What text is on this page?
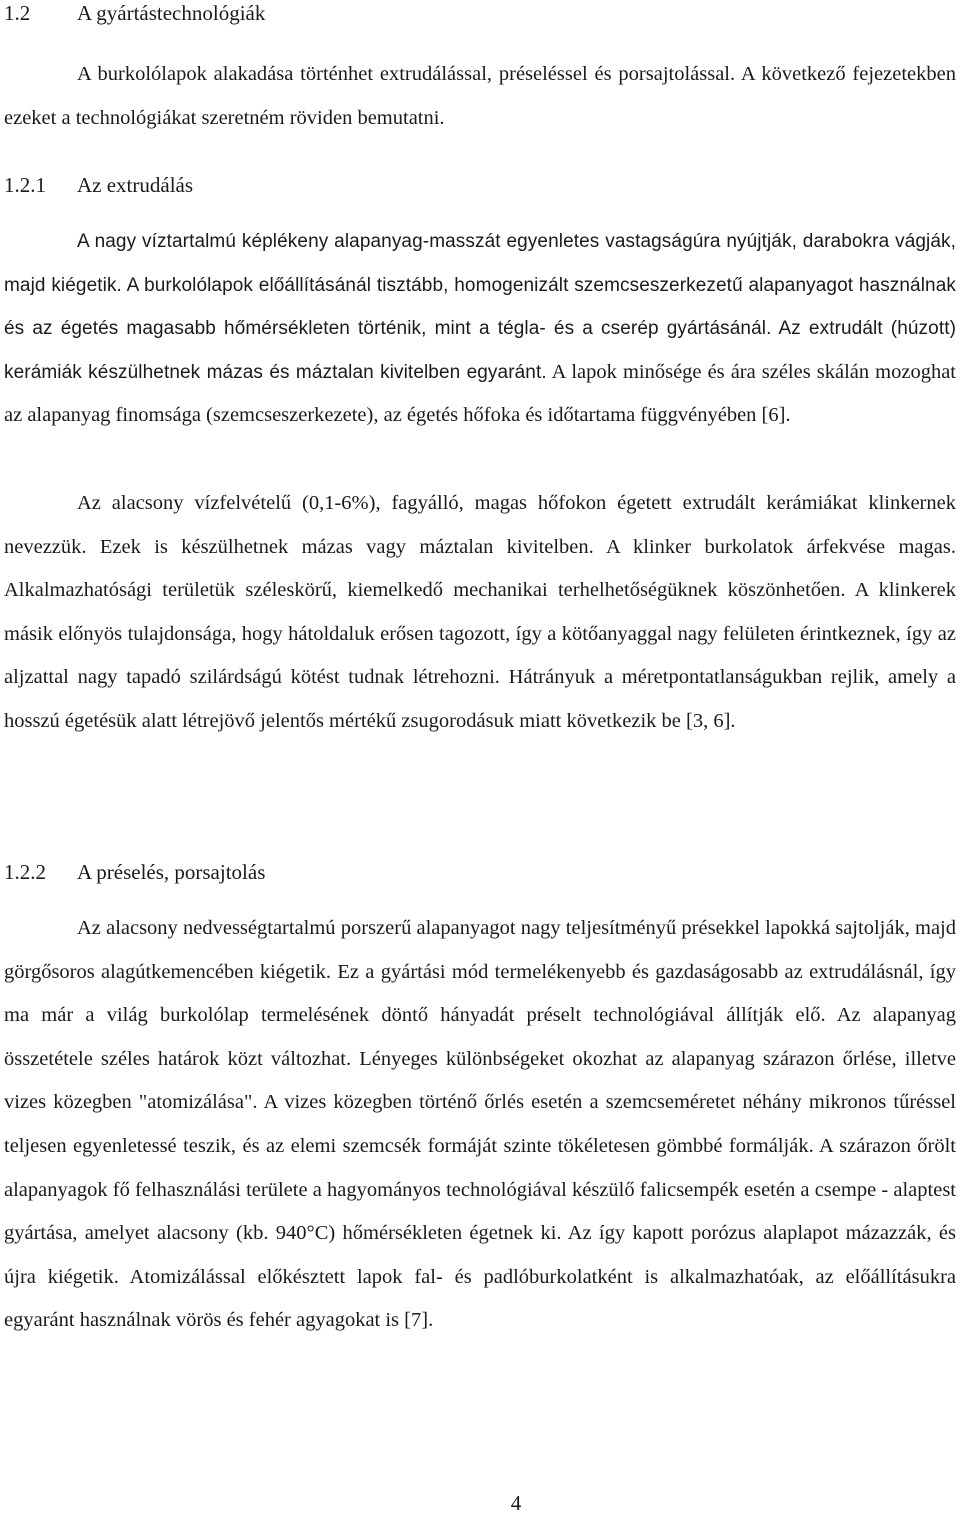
1.2 A gyártástechnológiák

A burkolólapok alakadása történhet extrudálással, préseléssel és porsajtolással. A következő fejezetekben ezeket a technológiákat szeretném röviden bemutatni.

1.2.1 Az extrudálás

A nagy víztartalmú képlékeny alapanyag-masszát egyenletes vastagságúra nyújtják, darabokra vágják, majd kiégetik. A burkolólapok előállításánál tisztább, homogenizált szemcseszerkezetű alapanyagot használnak és az égetés magasabb hőmérsékleten történik, mint a tégla- és a cserép gyártásánál. Az extrudált (húzott) kerámiák készülhetnek mázas és máztalan kivitelben egyaránt. A lapok minősége és ára széles skálán mozoghat az alapanyag finomsága (szemcseszerkezete), az égetés hőfoka és időtartama függvényében [6].

Az alacsony vízfelvételű (0,1-6%), fagyálló, magas hőfokon égetett extrudált kerámiákat klinkernek nevezzük. Ezek is készülhetnek mázas vagy máztalan kivitelben. A klinker burkolatok árfekvése magas. Alkalmazhatósági területük széleskörű, kiemelkedő mechanikai terhelhetőségüknek köszönhetően. A klinkerek másik előnyös tulajdonsága, hogy hátoldaluk erősen tagozott, így a kötőanyaggal nagy felületen érintkeznek, így az aljzattal nagy tapadó szilárdságú kötést tudnak létrehozni. Hátrányuk a méretpontatlanságukban rejlik, amely a hosszú égetésük alatt létrejövő jelentős mértékű zsugorodásuk miatt következik be [3, 6].

1.2.2 A préselés, porsajtolás

Az alacsony nedvességtartalmú porszerű alapanyagot nagy teljesítményű présekkel lapokká sajtolják, majd görgősoros alagútkemencében kiégetik. Ez a gyártási mód termelékenyebb és gazdaságosabb az extrudálásnál, így ma már a világ burkolólap termelésének döntő hányadát préselt technológiával állítják elő. Az alapanyag összetétele széles határok közt változhat. Lényeges különbségeket okozhat az alapanyag szárazon őrlése, illetve vizes közegben "atomizálása". A vizes közegben történő őrlés esetén a szemcseméretet néhány mikronos tűréssel teljesen egyenletessé teszik, és az elemi szemcsék formáját szinte tökéletesen gömbbé formálják. A szárazon őrölt alapanyagok fő felhasználási területe a hagyományos technológiával készülő falicsempék esetén a csempe - alaptest gyártása, amelyet alacsony (kb. 940°C) hőmérsékleten égetnek ki. Az így kapott porózus alaplapot mázazzák, és újra kiégetik. Atomizálással előkésztett lapok fal- és padlóburkolatként is alkalmazhatóak, az előállításukra egyaránt használnak vörös és fehér agyagokat is [7].

4
